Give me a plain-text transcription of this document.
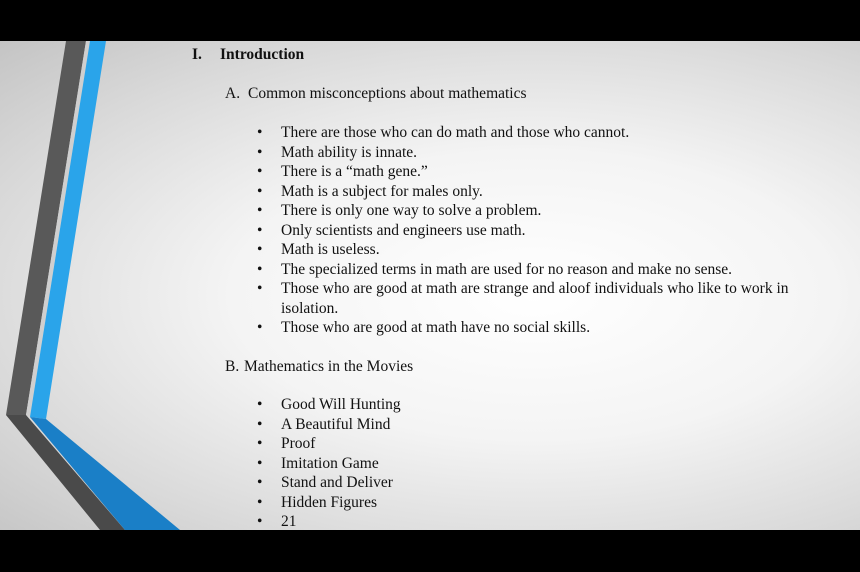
I. Introduction
A. Common misconceptions about mathematics
• There are those who can do math and those who cannot.
• Math ability is innate.
• There is a “math gene.”
• Math is a subject for males only.
• There is only one way to solve a problem.
• Only scientists and engineers use math.
• Math is useless.
• The specialized terms in math are used for no reason and make no sense.
• Those who are good at math are strange and aloof individuals who like to work in isolation.
• Those who are good at math have no social skills.
B. Mathematics in the Movies
• Good Will Hunting
• A Beautiful Mind
• Proof
• Imitation Game
• Stand and Deliver
• Hidden Figures
• 21
